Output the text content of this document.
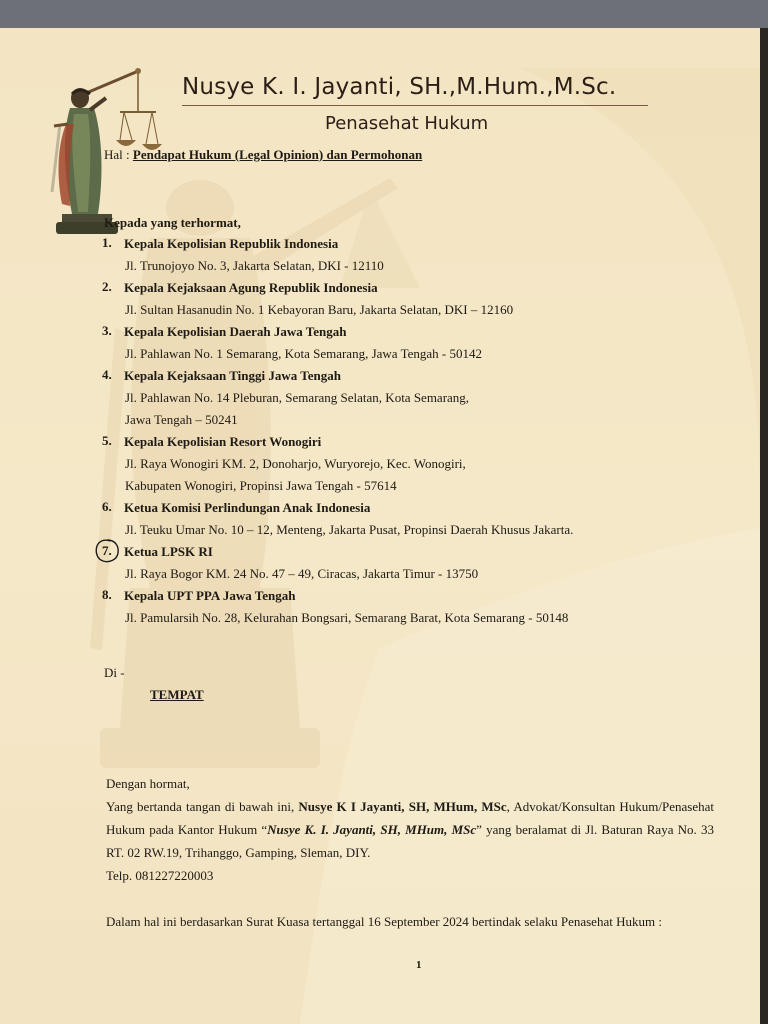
Nusye K. I. Jayanti, SH.,M.Hum.,M.Sc.
Penasehat Hukum
Hal : Pendapat Hukum (Legal Opinion) dan Permohonan
Kepada yang terhormat,
1. Kepala Kepolisian Republik Indonesia
Jl. Trunojoyo No. 3, Jakarta Selatan, DKI - 12110
2. Kepala Kejaksaan Agung Republik Indonesia
Jl. Sultan Hasanudin No. 1 Kebayoran Baru, Jakarta Selatan, DKI – 12160
3. Kepala Kepolisian Daerah Jawa Tengah
Jl. Pahlawan No. 1 Semarang, Kota Semarang, Jawa Tengah - 50142
4. Kepala Kejaksaan Tinggi Jawa Tengah
Jl. Pahlawan No. 14 Pleburan, Semarang Selatan, Kota Semarang,
Jawa Tengah – 50241
5. Kepala Kepolisian Resort Wonogiri
Jl. Raya Wonogiri KM. 2, Donoharjo, Wuryorejo, Kec. Wonogiri,
Kabupaten Wonogiri, Propinsi Jawa Tengah - 57614
6. Ketua Komisi Perlindungan Anak Indonesia
Jl. Teuku Umar No. 10 – 12, Menteng, Jakarta Pusat, Propinsi Daerah Khusus Jakarta.
7. Ketua LPSK RI
Jl. Raya Bogor KM. 24 No. 47 – 49, Ciracas, Jakarta Timur - 13750
8. Kepala UPT PPA Jawa Tengah
Jl. Pamularsih No. 28, Kelurahan Bongsari, Semarang Barat, Kota Semarang - 50148
Di -
TEMPAT

Dengan hormat,

Yang bertanda tangan di bawah ini, Nusye K I Jayanti, SH, MHum, MSc, Advokat/Konsultan Hukum/Penasehat Hukum pada Kantor Hukum “Nusye K. I. Jayanti, SH, MHum, MSc” yang beralamat di Jl. Baturan Raya No. 33 RT. 02 RW.19, Trihanggo, Gamping, Sleman, DIY.

Telp. 081227220003

Dalam hal ini berdasarkan Surat Kuasa tertanggal 16 September 2024 bertindak selaku Penasehat Hukum :

1
